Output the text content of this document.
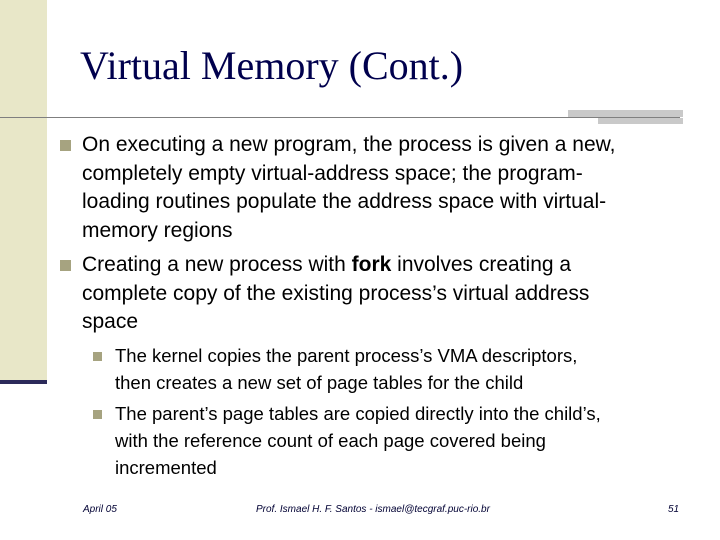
Virtual Memory (Cont.)
On executing a new program, the process is given a new,
completely empty virtual-address space; the program-
loading routines populate the address space with virtual-
memory regions
Creating a new process with fork involves creating a
complete copy of the existing process’s virtual address
space
The kernel copies the parent process’s VMA descriptors,
then creates a new set of page tables for the child
The parent’s page tables are copied directly into the child’s,
with the reference count of each page covered being
incremented
April 05	Prof. Ismael H. F. Santos - ismael@tecgraf.puc-rio.br	51
